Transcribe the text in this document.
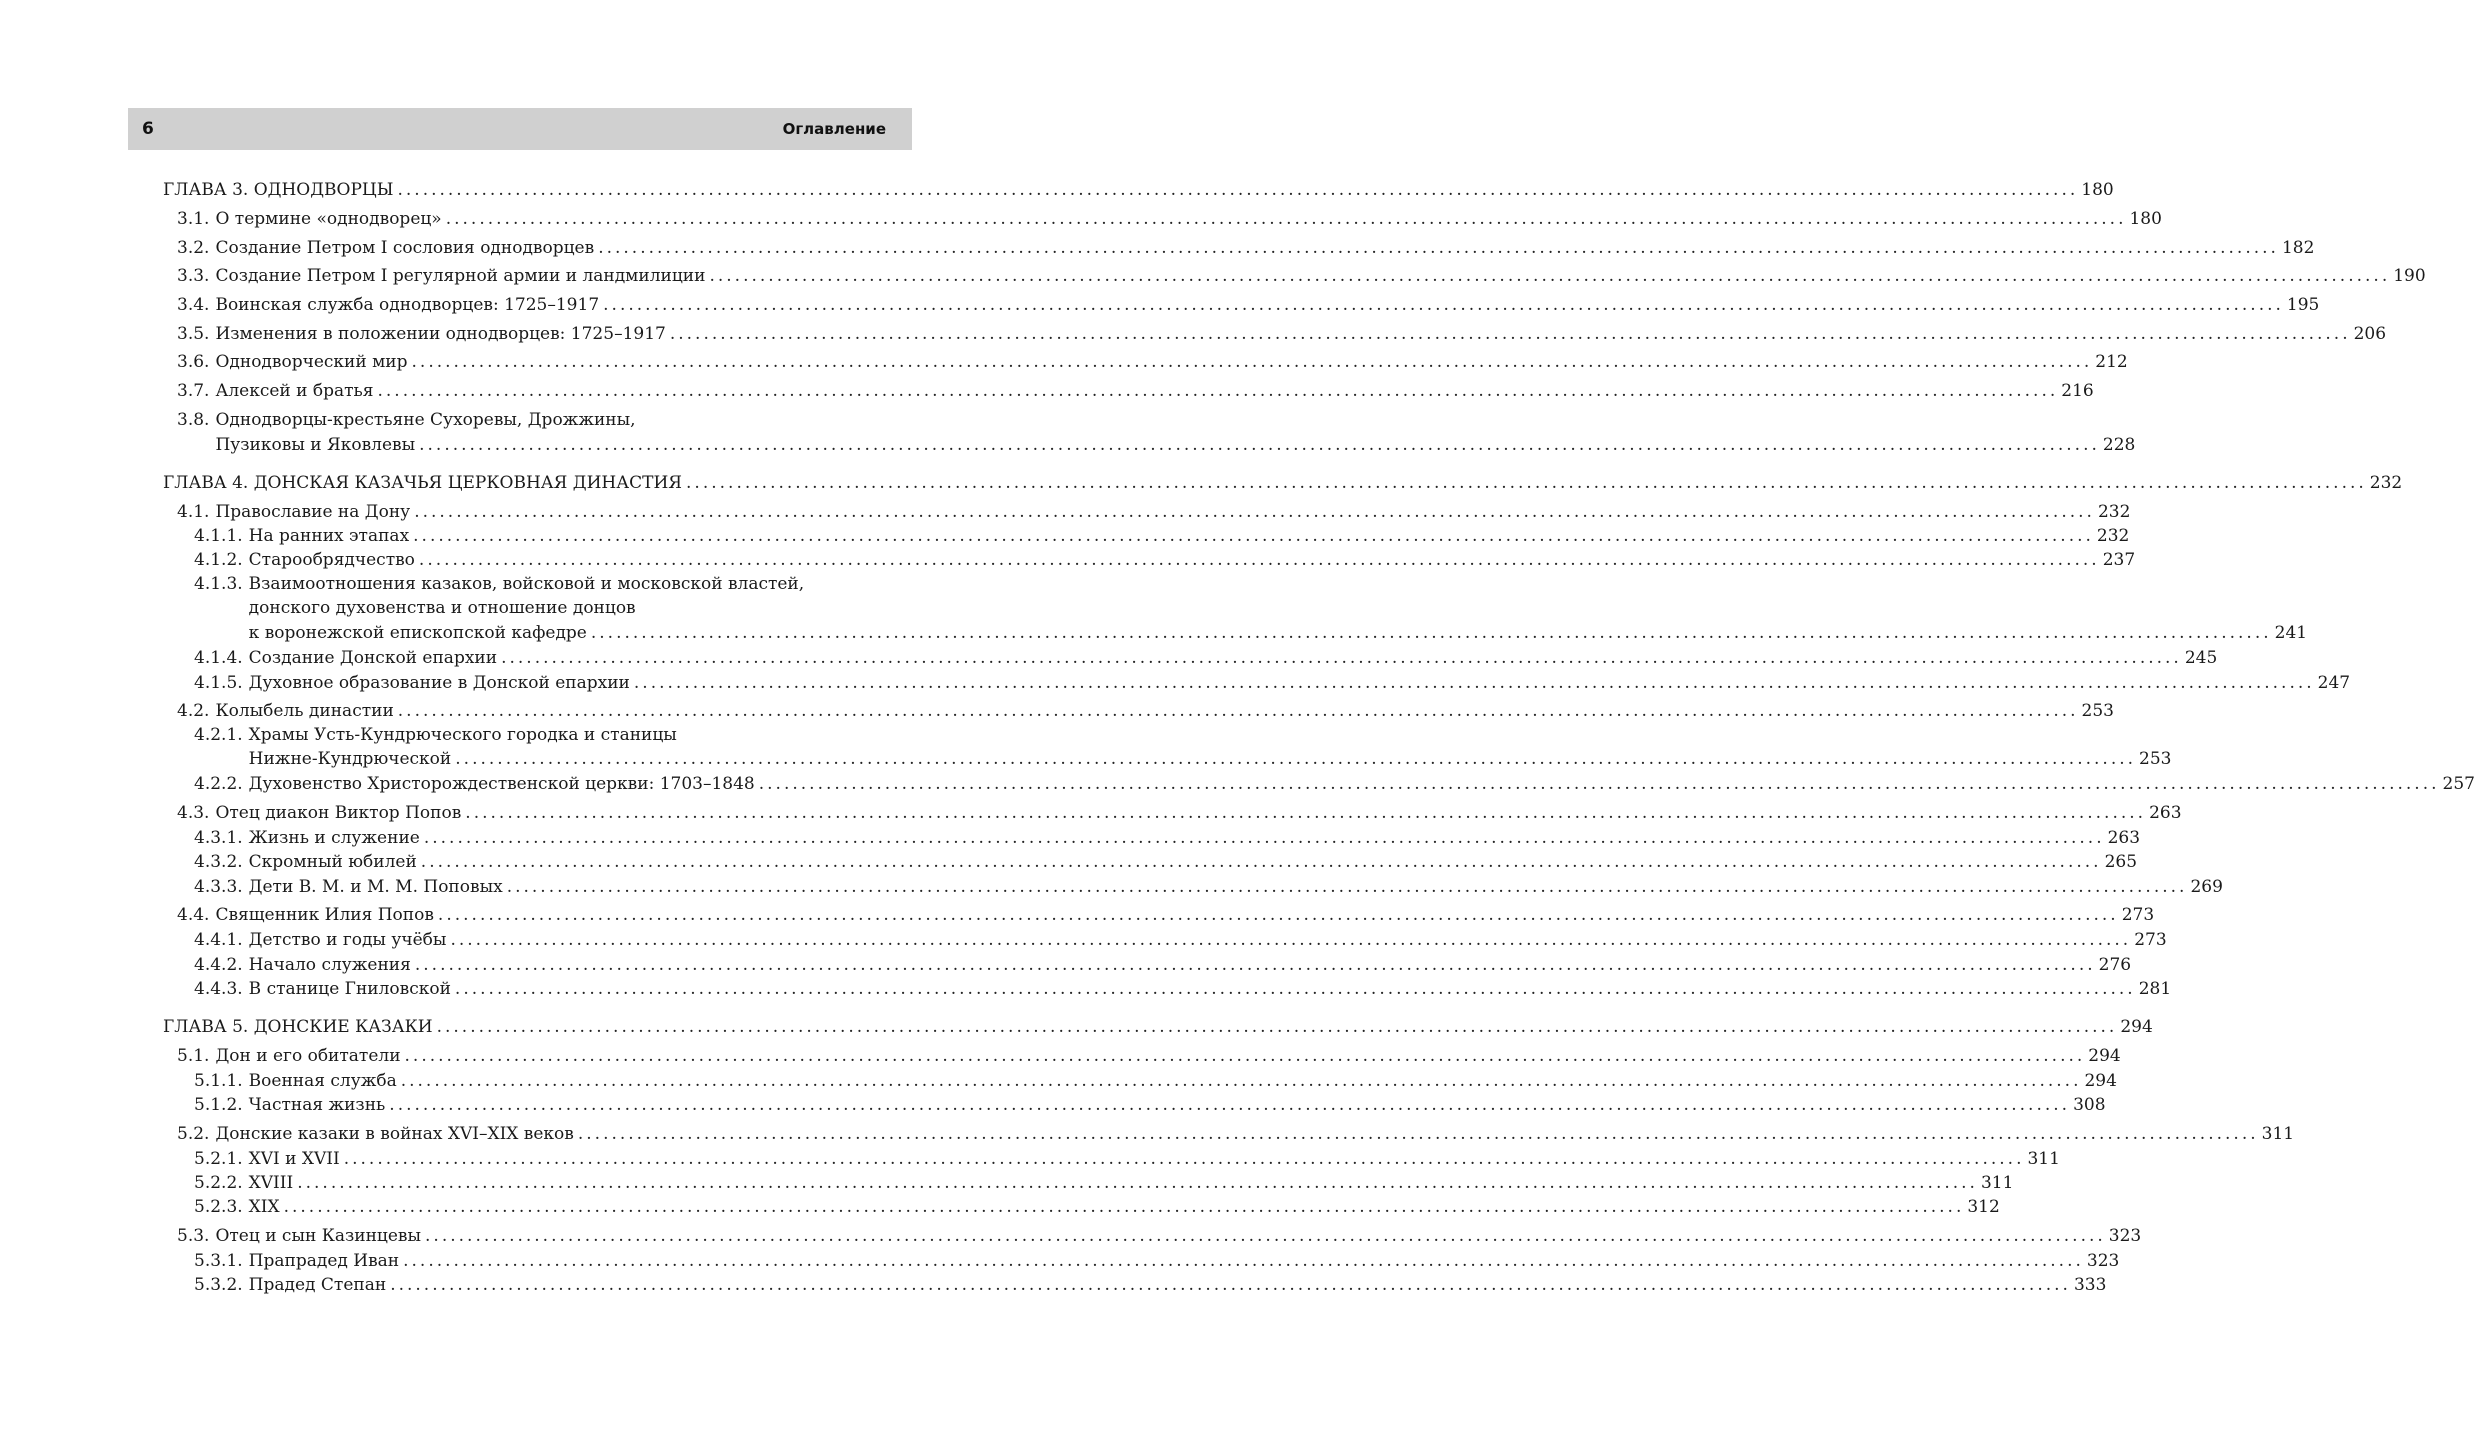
6	Оглавление
ГЛАВА 3. ОДНОДВОРЦЫ ........................................................................................................................................................................................................ 180
3.1. О термине «однодворец» ........................................................................................................................................................................................................ 180
3.2. Создание Петром I сословия однодворцев ........................................................................................................................................................................................................ 182
3.3. Создание Петром I регулярной армии и ландмилиции ........................................................................................................................................................................................................ 190
3.4. Воинская служба однодворцев: 1725–1917 ........................................................................................................................................................................................................ 195
3.5. Изменения в положении однодворцев: 1725–1917 ........................................................................................................................................................................................................ 206
3.6. Однодворческий мир ........................................................................................................................................................................................................ 212
3.7. Алексей и братья ........................................................................................................................................................................................................ 216
3.8. Однодворцы-крестьяне Сухоревы, Дрожжины,
Пузиковы и Яковлевы ........................................................................................................................................................................................................ 228
ГЛАВА 4. ДОНСКАЯ КАЗАЧЬЯ ЦЕРКОВНАЯ ДИНАСТИЯ ........................................................................................................................................................................................................ 232
4.1. Православие на Дону ........................................................................................................................................................................................................ 232
4.1.1. На ранних этапах ........................................................................................................................................................................................................ 232
4.1.2. Старообрядчество ........................................................................................................................................................................................................ 237
4.1.3. Взаимоотношения казаков, войсковой и московской властей,
донского духовенства и отношение донцов
к воронежской епископской кафедре ........................................................................................................................................................................................................ 241
4.1.4. Создание Донской епархии ........................................................................................................................................................................................................ 245
4.1.5. Духовное образование в Донской епархии ........................................................................................................................................................................................................ 247
4.2. Колыбель династии ........................................................................................................................................................................................................ 253
4.2.1. Храмы Усть-Кундрюческого городка и станицы
Нижне-Кундрюческой ........................................................................................................................................................................................................ 253
4.2.2. Духовенство Христорождественской церкви: 1703–1848 ........................................................................................................................................................................................................ 257
4.3. Отец диакон Виктор Попов ........................................................................................................................................................................................................ 263
4.3.1. Жизнь и служение ........................................................................................................................................................................................................ 263
4.3.2. Скромный юбилей ........................................................................................................................................................................................................ 265
4.3.3. Дети В. М. и М. М. Поповых ........................................................................................................................................................................................................ 269
4.4. Священник Илия Попов ........................................................................................................................................................................................................ 273
4.4.1. Детство и годы учёбы ........................................................................................................................................................................................................ 273
4.4.2. Начало служения ........................................................................................................................................................................................................ 276
4.4.3. В станице Гниловской ........................................................................................................................................................................................................ 281
ГЛАВА 5. ДОНСКИЕ КАЗАКИ ........................................................................................................................................................................................................ 294
5.1. Дон и его обитатели ........................................................................................................................................................................................................ 294
5.1.1. Военная служба ........................................................................................................................................................................................................ 294
5.1.2. Частная жизнь ........................................................................................................................................................................................................ 308
5.2. Донские казаки в войнах XVI–XIX веков ........................................................................................................................................................................................................ 311
5.2.1. XVI и XVII ........................................................................................................................................................................................................ 311
5.2.2. XVIII ........................................................................................................................................................................................................ 311
5.2.3. XIX ........................................................................................................................................................................................................ 312
5.3. Отец и сын Казинцевы ........................................................................................................................................................................................................ 323
5.3.1. Прапрадед Иван ........................................................................................................................................................................................................ 323
5.3.2. Прадед Степан ........................................................................................................................................................................................................ 333
